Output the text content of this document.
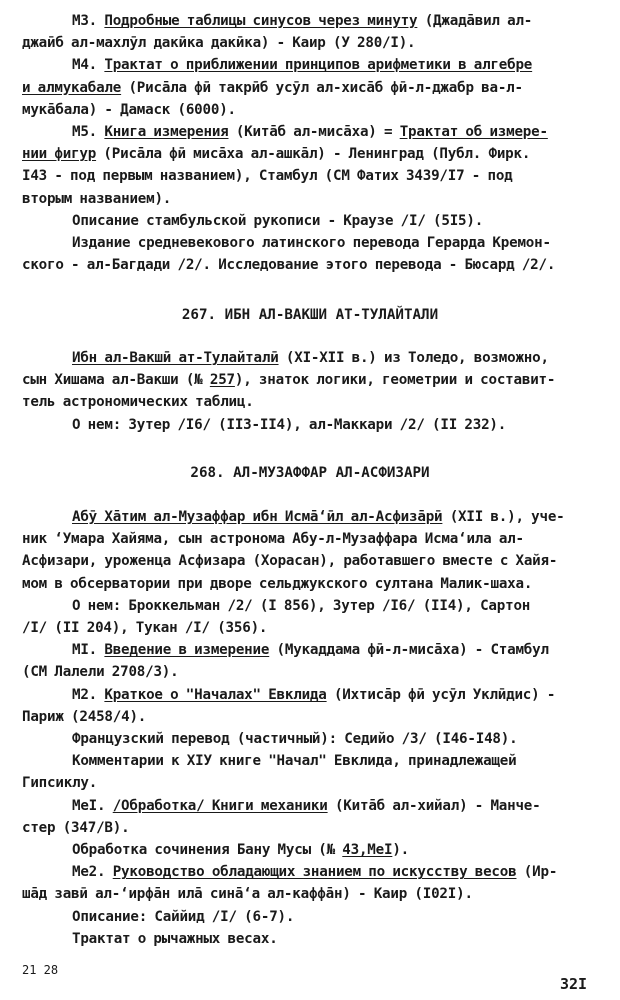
M3. Подробные таблицы синусов через минуту (Джадāвил ал-
джаӣб ал-махлӯл дакӣка дакӣка) - Каир (У 280/I).
М4. Трактат о приближении принципов арифметики в алгебре
и алмукабале (Рисāла фӣ такрӣб усӯл ал-хисāб фӣ-л-джабр ва-л-
мукāбала) - Дамаск (6000).
М5. Книга измерения (Китāб ал-мисāха) = Трактат об измере-
нии фигур (Рисāла фӣ мисāха ал-ашкāл) - Ленинград (Публ. Фирк.
I43 - под первым названием), Стамбул (СМ Фатих 3439/I7 - под
вторым названием).
Описание стамбульской рукописи - Краузе /I/ (5I5).
Издание средневекового латинского перевода Герарда Кремон-
ского - ал-Багдади /2/. Исследование этого перевода - Бюсард /2/.
267. ИБН АЛ-ВАКШИ АТ-ТУЛАЙТАЛИ
Ибн ал-Вакшӣ ат-Тулайталӣ (XI-XII в.) из Толедо, возможно,
сын Хишама ал-Вакши (№ 257), знаток логики, геометрии и составит-
тель астрономических таблиц.
О нем: Зутер /I6/ (II3-II4), ал-Маккари /2/ (II 232).
268. АЛ-МУЗАФФАР АЛ-АСФИЗАРИ
Абӯ Хāтим ал-Музаффар ибн Исмā‘ӣл ал-Асфизāрӣ (XII в.), уче-
ник ‘Умара Хайяма, сын астронома Абу-л-Музаффара Исма‘ила ал-
Асфизари, уроженца Асфизара (Хорасан), работавшего вместе с Хайя-
мом в обсерватории при дворе сельджукского султана Малик-шаха.
О нем: Броккельман /2/ (I 856), Зутер /I6/ (II4), Сартон
/I/ (II 204), Тукан /I/ (356).
MI. Введение в измерение (Мукаддама фӣ-л-мисāха) - Стамбул
(СМ Лалели 2708/3).
M2. Краткое о "Началах" Евклида (Ихтисāр фӣ усӯл Уклӣдис) -
Париж (2458/4).
Французский перевод (частичный): Седийо /3/ (I46-I48).
Комментарии к XIУ книге "Начал" Евклида, принадлежащей
Гипсиклу.
МеI. /Обработка/ Книги механики (Китāб ал-хийал) - Манче-
стер (347/В).
Обработка сочинения Бану Мусы (№ 43,МеI).
Ме2. Руководство обладающих знанием по искусству весов (Ир-
шāд завӣ ал-‘ирфāн илā синā‘а ал-каффāн) - Каир (I02I).
Описание: Саййид /I/ (6-7).
Трактат о рычажных весах.
21 28
32I
